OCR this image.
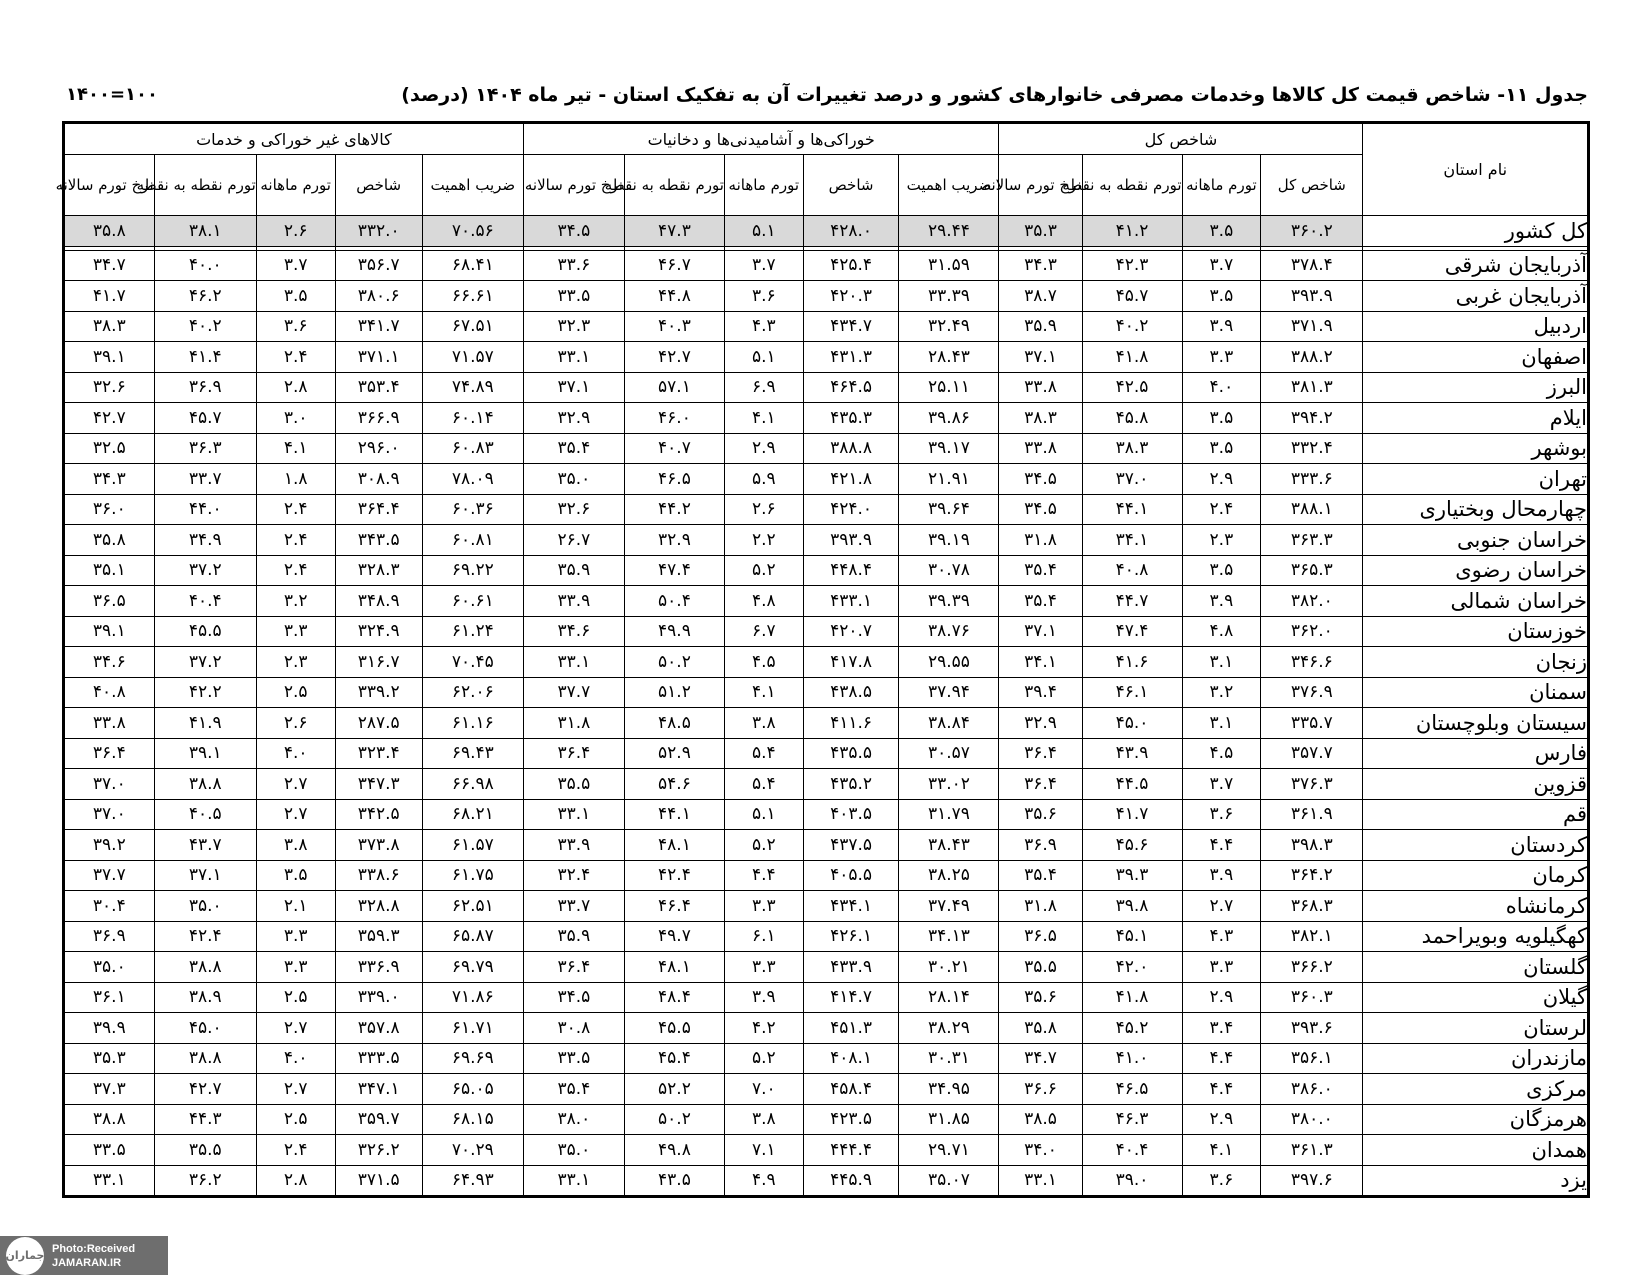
جدول ۱۱- شاخص قیمت کل کالاها وخدمات مصرفی خانوارهای کشور و درصد تغییرات آن به تفکیک استان - تیر ماه ۱۴۰۴ (درصد)
۱۰۰=۱۴۰۰
نام استان	شاخص کل				خوراکی‌ها و آشامیدنی‌ها و دخانیات					کالاهای غیر خوراکی و خدمات				
	شاخص کل	تورم ماهانه	تورم نقطه به نقطه	نرخ تورم سالانه	ضریب اهمیت	شاخص	تورم ماهانه	تورم نقطه به نقطه	نرخ تورم سالانه	ضریب اهمیت	شاخص	تورم ماهانه	تورم نقطه به نقطه	نرخ تورم سالانه
کل کشور	۳۶۰.۲	۳.۵	۴۱.۲	۳۵.۳	۲۹.۴۴	۴۲۸.۰	۵.۱	۴۷.۳	۳۴.۵	۷۰.۵۶	۳۳۲.۰	۲.۶	۳۸.۱	۳۵.۸

آذربایجان شرقی	۳۷۸.۴	۳.۷	۴۲.۳	۳۴.۳	۳۱.۵۹	۴۲۵.۴	۳.۷	۴۶.۷	۳۳.۶	۶۸.۴۱	۳۵۶.۷	۳.۷	۴۰.۰	۳۴.۷
آذربایجان غربی	۳۹۳.۹	۳.۵	۴۵.۷	۳۸.۷	۳۳.۳۹	۴۲۰.۳	۳.۶	۴۴.۸	۳۳.۵	۶۶.۶۱	۳۸۰.۶	۳.۵	۴۶.۲	۴۱.۷
اردبیل	۳۷۱.۹	۳.۹	۴۰.۲	۳۵.۹	۳۲.۴۹	۴۳۴.۷	۴.۳	۴۰.۳	۳۲.۳	۶۷.۵۱	۳۴۱.۷	۳.۶	۴۰.۲	۳۸.۳
اصفهان	۳۸۸.۲	۳.۳	۴۱.۸	۳۷.۱	۲۸.۴۳	۴۳۱.۳	۵.۱	۴۲.۷	۳۳.۱	۷۱.۵۷	۳۷۱.۱	۲.۴	۴۱.۴	۳۹.۱
البرز	۳۸۱.۳	۴.۰	۴۲.۵	۳۳.۸	۲۵.۱۱	۴۶۴.۵	۶.۹	۵۷.۱	۳۷.۱	۷۴.۸۹	۳۵۳.۴	۲.۸	۳۶.۹	۳۲.۶
ایلام	۳۹۴.۲	۳.۵	۴۵.۸	۳۸.۳	۳۹.۸۶	۴۳۵.۳	۴.۱	۴۶.۰	۳۲.۹	۶۰.۱۴	۳۶۶.۹	۳.۰	۴۵.۷	۴۲.۷
بوشهر	۳۳۲.۴	۳.۵	۳۸.۳	۳۳.۸	۳۹.۱۷	۳۸۸.۸	۲.۹	۴۰.۷	۳۵.۴	۶۰.۸۳	۲۹۶.۰	۴.۱	۳۶.۳	۳۲.۵
تهران	۳۳۳.۶	۲.۹	۳۷.۰	۳۴.۵	۲۱.۹۱	۴۲۱.۸	۵.۹	۴۶.۵	۳۵.۰	۷۸.۰۹	۳۰۸.۹	۱.۸	۳۳.۷	۳۴.۳
چهارمحال وبختیاری	۳۸۸.۱	۲.۴	۴۴.۱	۳۴.۵	۳۹.۶۴	۴۲۴.۰	۲.۶	۴۴.۲	۳۲.۶	۶۰.۳۶	۳۶۴.۴	۲.۴	۴۴.۰	۳۶.۰
خراسان جنوبی	۳۶۳.۳	۲.۳	۳۴.۱	۳۱.۸	۳۹.۱۹	۳۹۳.۹	۲.۲	۳۲.۹	۲۶.۷	۶۰.۸۱	۳۴۳.۵	۲.۴	۳۴.۹	۳۵.۸
خراسان رضوی	۳۶۵.۳	۳.۵	۴۰.۸	۳۵.۴	۳۰.۷۸	۴۴۸.۴	۵.۲	۴۷.۴	۳۵.۹	۶۹.۲۲	۳۲۸.۳	۲.۴	۳۷.۲	۳۵.۱
خراسان شمالی	۳۸۲.۰	۳.۹	۴۴.۷	۳۵.۴	۳۹.۳۹	۴۳۳.۱	۴.۸	۵۰.۴	۳۳.۹	۶۰.۶۱	۳۴۸.۹	۳.۲	۴۰.۴	۳۶.۵
خوزستان	۳۶۲.۰	۴.۸	۴۷.۴	۳۷.۱	۳۸.۷۶	۴۲۰.۷	۶.۷	۴۹.۹	۳۴.۶	۶۱.۲۴	۳۲۴.۹	۳.۳	۴۵.۵	۳۹.۱
زنجان	۳۴۶.۶	۳.۱	۴۱.۶	۳۴.۱	۲۹.۵۵	۴۱۷.۸	۴.۵	۵۰.۲	۳۳.۱	۷۰.۴۵	۳۱۶.۷	۲.۳	۳۷.۲	۳۴.۶
سمنان	۳۷۶.۹	۳.۲	۴۶.۱	۳۹.۴	۳۷.۹۴	۴۳۸.۵	۴.۱	۵۱.۲	۳۷.۷	۶۲.۰۶	۳۳۹.۲	۲.۵	۴۲.۲	۴۰.۸
سیستان وبلوچستان	۳۳۵.۷	۳.۱	۴۵.۰	۳۲.۹	۳۸.۸۴	۴۱۱.۶	۳.۸	۴۸.۵	۳۱.۸	۶۱.۱۶	۲۸۷.۵	۲.۶	۴۱.۹	۳۳.۸
فارس	۳۵۷.۷	۴.۵	۴۳.۹	۳۶.۴	۳۰.۵۷	۴۳۵.۵	۵.۴	۵۲.۹	۳۶.۴	۶۹.۴۳	۳۲۳.۴	۴.۰	۳۹.۱	۳۶.۴
قزوین	۳۷۶.۳	۳.۷	۴۴.۵	۳۶.۴	۳۳.۰۲	۴۳۵.۲	۵.۴	۵۴.۶	۳۵.۵	۶۶.۹۸	۳۴۷.۳	۲.۷	۳۸.۸	۳۷.۰
قم	۳۶۱.۹	۳.۶	۴۱.۷	۳۵.۶	۳۱.۷۹	۴۰۳.۵	۵.۱	۴۴.۱	۳۳.۱	۶۸.۲۱	۳۴۲.۵	۲.۷	۴۰.۵	۳۷.۰
کردستان	۳۹۸.۳	۴.۴	۴۵.۶	۳۶.۹	۳۸.۴۳	۴۳۷.۵	۵.۲	۴۸.۱	۳۳.۹	۶۱.۵۷	۳۷۳.۸	۳.۸	۴۳.۷	۳۹.۲
کرمان	۳۶۴.۲	۳.۹	۳۹.۳	۳۵.۴	۳۸.۲۵	۴۰۵.۵	۴.۴	۴۲.۴	۳۲.۴	۶۱.۷۵	۳۳۸.۶	۳.۵	۳۷.۱	۳۷.۷
کرمانشاه	۳۶۸.۳	۲.۷	۳۹.۸	۳۱.۸	۳۷.۴۹	۴۳۴.۱	۳.۳	۴۶.۴	۳۳.۷	۶۲.۵۱	۳۲۸.۸	۲.۱	۳۵.۰	۳۰.۴
کهگیلویه وبویراحمد	۳۸۲.۱	۴.۳	۴۵.۱	۳۶.۵	۳۴.۱۳	۴۲۶.۱	۶.۱	۴۹.۷	۳۵.۹	۶۵.۸۷	۳۵۹.۳	۳.۳	۴۲.۴	۳۶.۹
گلستان	۳۶۶.۲	۳.۳	۴۲.۰	۳۵.۵	۳۰.۲۱	۴۳۳.۹	۳.۳	۴۸.۱	۳۶.۴	۶۹.۷۹	۳۳۶.۹	۳.۳	۳۸.۸	۳۵.۰
گیلان	۳۶۰.۳	۲.۹	۴۱.۸	۳۵.۶	۲۸.۱۴	۴۱۴.۷	۳.۹	۴۸.۴	۳۴.۵	۷۱.۸۶	۳۳۹.۰	۲.۵	۳۸.۹	۳۶.۱
لرستان	۳۹۳.۶	۳.۴	۴۵.۲	۳۵.۸	۳۸.۲۹	۴۵۱.۳	۴.۲	۴۵.۵	۳۰.۸	۶۱.۷۱	۳۵۷.۸	۲.۷	۴۵.۰	۳۹.۹
مازندران	۳۵۶.۱	۴.۴	۴۱.۰	۳۴.۷	۳۰.۳۱	۴۰۸.۱	۵.۲	۴۵.۴	۳۳.۵	۶۹.۶۹	۳۳۳.۵	۴.۰	۳۸.۸	۳۵.۳
مرکزی	۳۸۶.۰	۴.۴	۴۶.۵	۳۶.۶	۳۴.۹۵	۴۵۸.۴	۷.۰	۵۲.۲	۳۵.۴	۶۵.۰۵	۳۴۷.۱	۲.۷	۴۲.۷	۳۷.۳
هرمزگان	۳۸۰.۰	۲.۹	۴۶.۳	۳۸.۵	۳۱.۸۵	۴۲۳.۵	۳.۸	۵۰.۲	۳۸.۰	۶۸.۱۵	۳۵۹.۷	۲.۵	۴۴.۳	۳۸.۸
همدان	۳۶۱.۳	۴.۱	۴۰.۴	۳۴.۰	۲۹.۷۱	۴۴۴.۴	۷.۱	۴۹.۸	۳۵.۰	۷۰.۲۹	۳۲۶.۲	۲.۴	۳۵.۵	۳۳.۵
یزد	۳۹۷.۶	۳.۶	۳۹.۰	۳۳.۱	۳۵.۰۷	۴۴۵.۹	۴.۹	۴۳.۵	۳۳.۱	۶۴.۹۳	۳۷۱.۵	۲.۸	۳۶.۲	۳۳.۱
جماران
Photo:Received
JAMARAN.IR
